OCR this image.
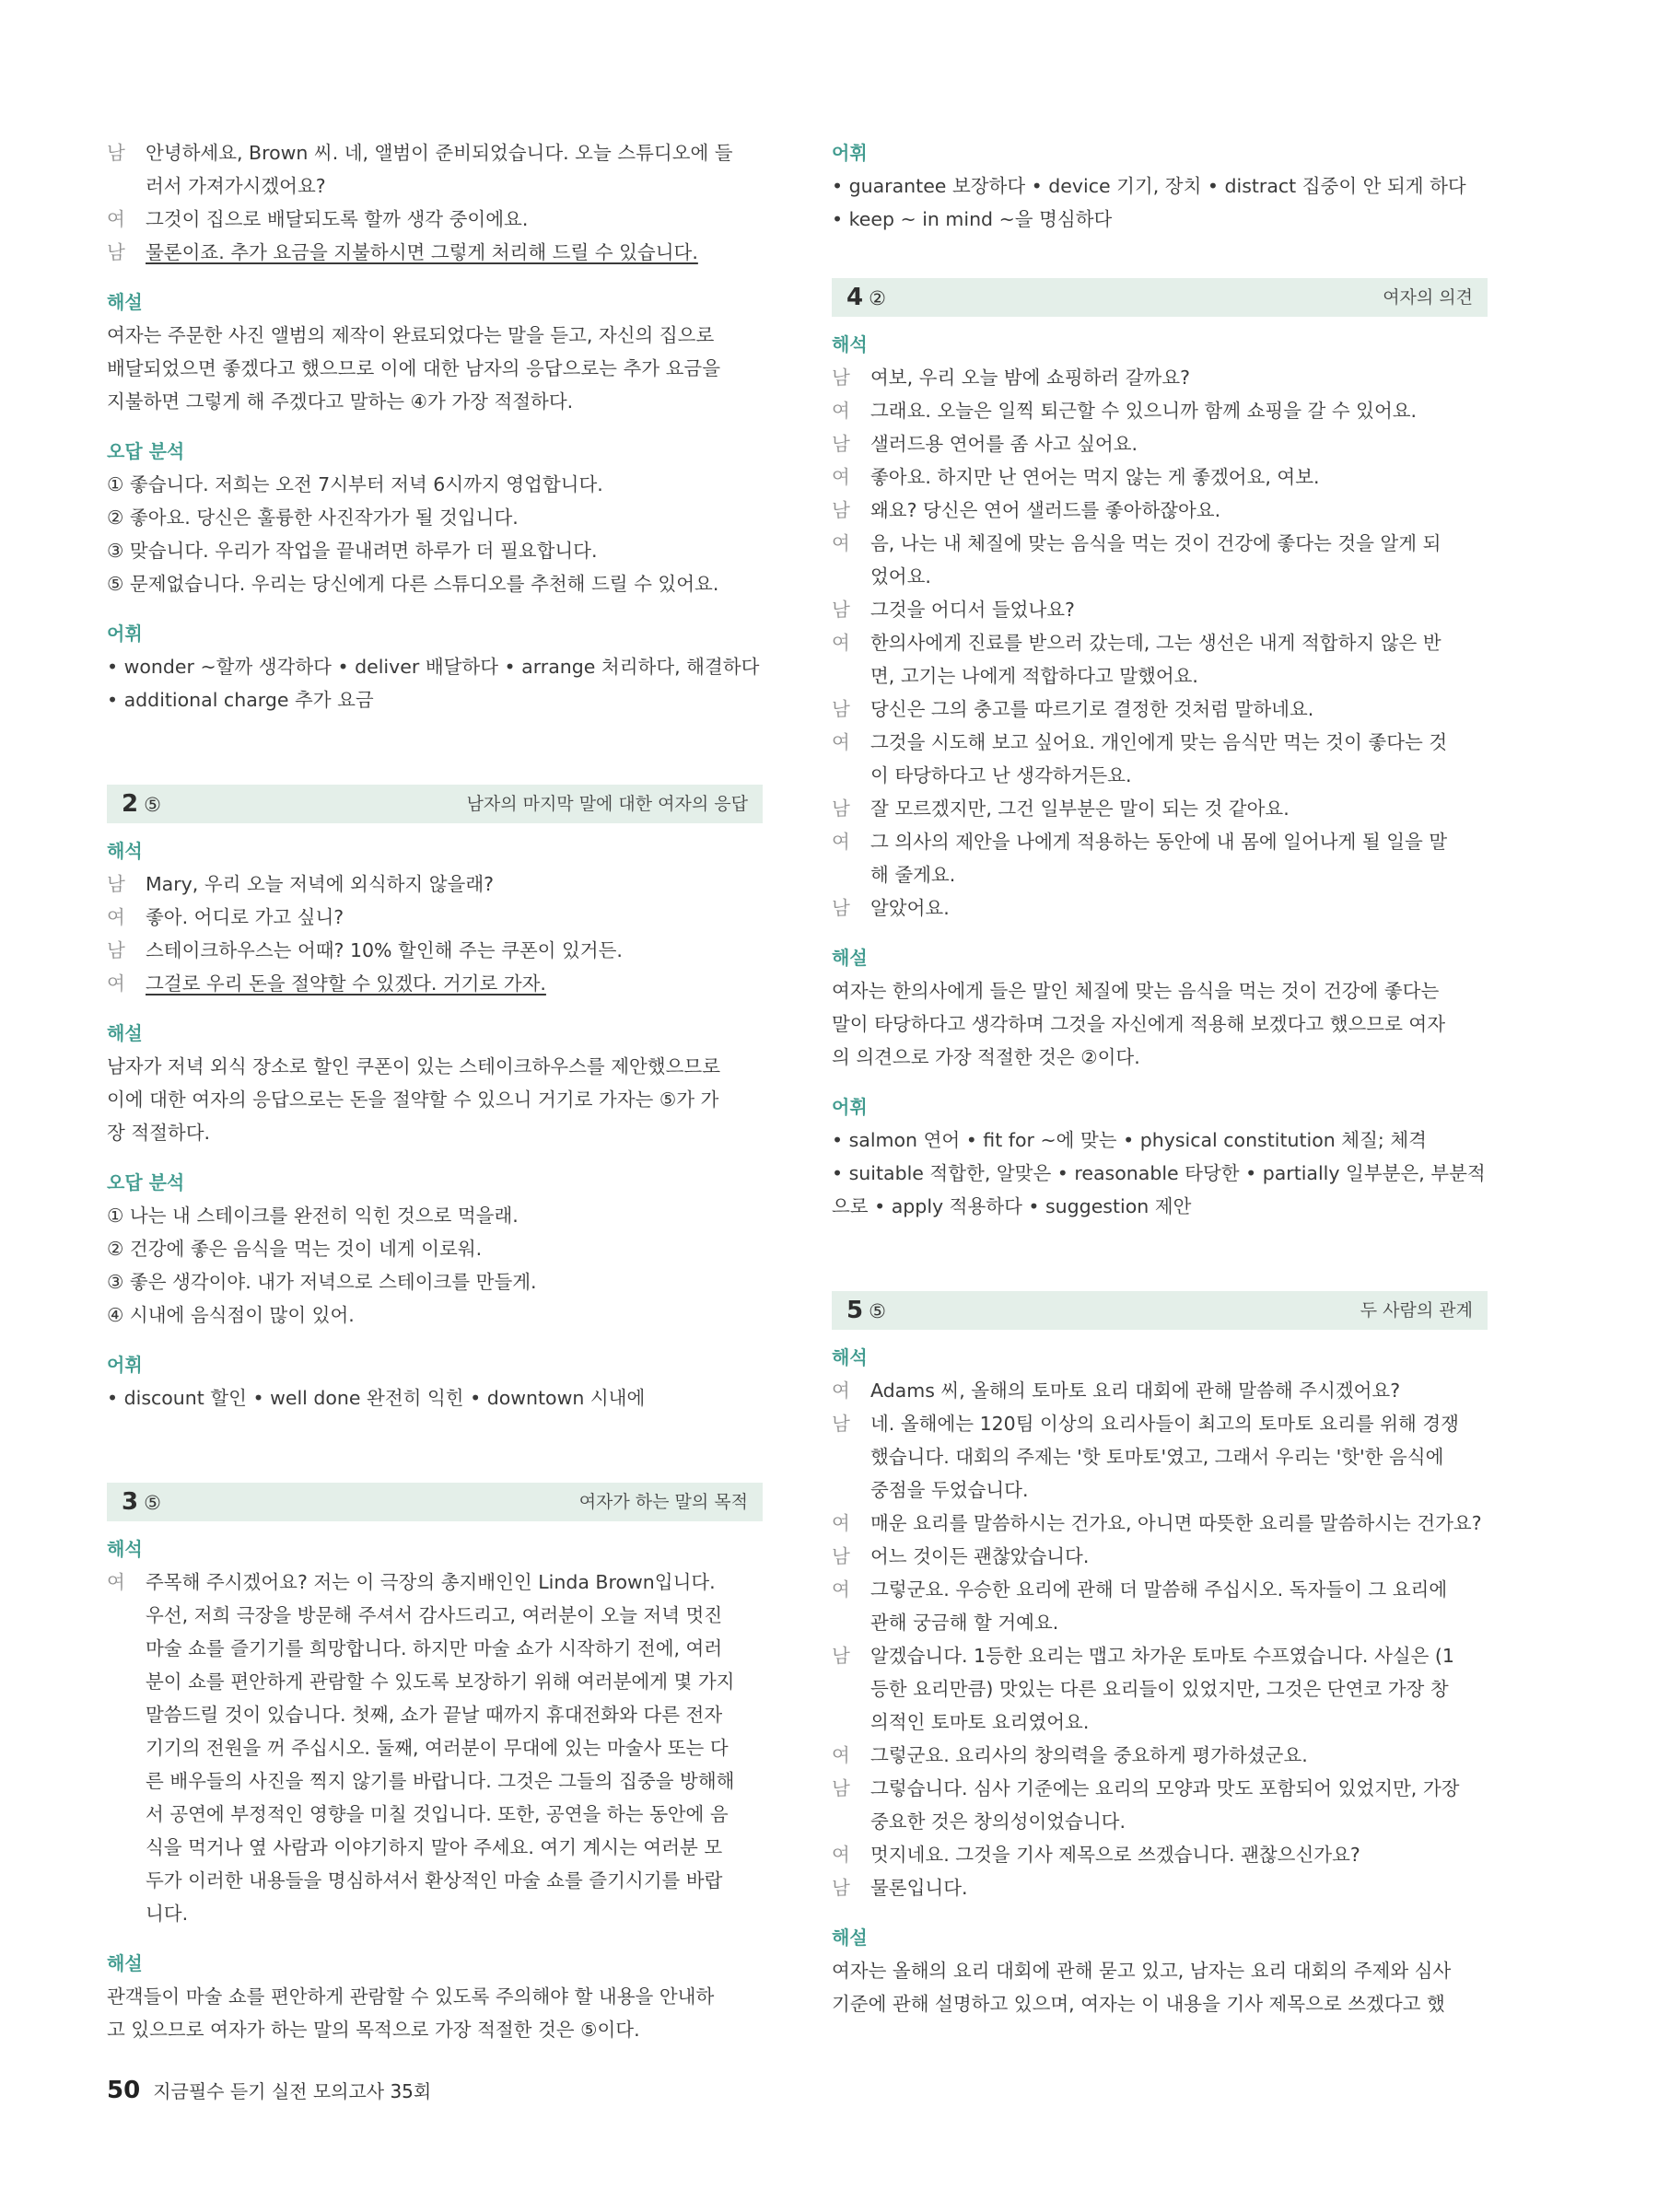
남 안녕하세요, Brown 씨. 네, 앨범이 준비되었습니다. 오늘 스튜디오에 들
러서 가져가시겠어요?
여 그것이 집으로 배달되도록 할까 생각 중이에요.
남 물론이죠. 추가 요금을 지불하시면 그렇게 처리해 드릴 수 있습니다.
해설
여자는 주문한 사진 앨범의 제작이 완료되었다는 말을 듣고, 자신의 집으로
배달되었으면 좋겠다고 했으므로 이에 대한 남자의 응답으로는 추가 요금을
지불하면 그렇게 해 주겠다고 말하는 ④가 가장 적절하다.
오답 분석
① 좋습니다. 저희는 오전 7시부터 저녁 6시까지 영업합니다.
② 좋아요. 당신은 훌륭한 사진작가가 될 것입니다.
③ 맞습니다. 우리가 작업을 끝내려면 하루가 더 필요합니다.
⑤ 문제없습니다. 우리는 당신에게 다른 스튜디오를 추천해 드릴 수 있어요.
어휘
• wonder ~할까 생각하다 • deliver 배달하다 • arrange 처리하다, 해결하다
• additional charge 추가 요금
2 ⑤	남자의 마지막 말에 대한 여자의 응답
해석
남 Mary, 우리 오늘 저녁에 외식하지 않을래?
여 좋아. 어디로 가고 싶니?
남 스테이크하우스는 어때? 10% 할인해 주는 쿠폰이 있거든.
여 그걸로 우리 돈을 절약할 수 있겠다. 거기로 가자.
해설
남자가 저녁 외식 장소로 할인 쿠폰이 있는 스테이크하우스를 제안했으므로
이에 대한 여자의 응답으로는 돈을 절약할 수 있으니 거기로 가자는 ⑤가 가
장 적절하다.
오답 분석
① 나는 내 스테이크를 완전히 익힌 것으로 먹을래.
② 건강에 좋은 음식을 먹는 것이 네게 이로워.
③ 좋은 생각이야. 내가 저녁으로 스테이크를 만들게.
④ 시내에 음식점이 많이 있어.
어휘
• discount 할인 • well done 완전히 익힌 • downtown 시내에
3 ⑤	여자가 하는 말의 목적
해석
여 주목해 주시겠어요? 저는 이 극장의 총지배인인 Linda Brown입니다.
우선, 저희 극장을 방문해 주셔서 감사드리고, 여러분이 오늘 저녁 멋진
마술 쇼를 즐기기를 희망합니다. 하지만 마술 쇼가 시작하기 전에, 여러
분이 쇼를 편안하게 관람할 수 있도록 보장하기 위해 여러분에게 몇 가지
말씀드릴 것이 있습니다. 첫째, 쇼가 끝날 때까지 휴대전화와 다른 전자
기기의 전원을 꺼 주십시오. 둘째, 여러분이 무대에 있는 마술사 또는 다
른 배우들의 사진을 찍지 않기를 바랍니다. 그것은 그들의 집중을 방해해
서 공연에 부정적인 영향을 미칠 것입니다. 또한, 공연을 하는 동안에 음
식을 먹거나 옆 사람과 이야기하지 말아 주세요. 여기 계시는 여러분 모
두가 이러한 내용들을 명심하셔서 환상적인 마술 쇼를 즐기시기를 바랍
니다.
해설
관객들이 마술 쇼를 편안하게 관람할 수 있도록 주의해야 할 내용을 안내하
고 있으므로 여자가 하는 말의 목적으로 가장 적절한 것은 ⑤이다.
어휘
• guarantee 보장하다 • device 기기, 장치 • distract 집중이 안 되게 하다
• keep ~ in mind ~을 명심하다
4 ②	여자의 의견
해석
남 여보, 우리 오늘 밤에 쇼핑하러 갈까요?
여 그래요. 오늘은 일찍 퇴근할 수 있으니까 함께 쇼핑을 갈 수 있어요.
남 샐러드용 연어를 좀 사고 싶어요.
여 좋아요. 하지만 난 연어는 먹지 않는 게 좋겠어요, 여보.
남 왜요? 당신은 연어 샐러드를 좋아하잖아요.
여 음, 나는 내 체질에 맞는 음식을 먹는 것이 건강에 좋다는 것을 알게 되
었어요.
남 그것을 어디서 들었나요?
여 한의사에게 진료를 받으러 갔는데, 그는 생선은 내게 적합하지 않은 반
면, 고기는 나에게 적합하다고 말했어요.
남 당신은 그의 충고를 따르기로 결정한 것처럼 말하네요.
여 그것을 시도해 보고 싶어요. 개인에게 맞는 음식만 먹는 것이 좋다는 것
이 타당하다고 난 생각하거든요.
남 잘 모르겠지만, 그건 일부분은 말이 되는 것 같아요.
여 그 의사의 제안을 나에게 적용하는 동안에 내 몸에 일어나게 될 일을 말
해 줄게요.
남 알았어요.
해설
여자는 한의사에게 들은 말인 체질에 맞는 음식을 먹는 것이 건강에 좋다는
말이 타당하다고 생각하며 그것을 자신에게 적용해 보겠다고 했으므로 여자
의 의견으로 가장 적절한 것은 ②이다.
어휘
• salmon 연어 • fit for ~에 맞는 • physical constitution 체질; 체격
• suitable 적합한, 알맞은 • reasonable 타당한 • partially 일부분은, 부분적
으로 • apply 적용하다 • suggestion 제안
5 ⑤	두 사람의 관계
해석
여 Adams 씨, 올해의 토마토 요리 대회에 관해 말씀해 주시겠어요?
남 네. 올해에는 120팀 이상의 요리사들이 최고의 토마토 요리를 위해 경쟁
했습니다. 대회의 주제는 '핫 토마토'였고, 그래서 우리는 '핫'한 음식에
중점을 두었습니다.
여 매운 요리를 말씀하시는 건가요, 아니면 따뜻한 요리를 말씀하시는 건가요?
남 어느 것이든 괜찮았습니다.
여 그렇군요. 우승한 요리에 관해 더 말씀해 주십시오. 독자들이 그 요리에
관해 궁금해 할 거예요.
남 알겠습니다. 1등한 요리는 맵고 차가운 토마토 수프였습니다. 사실은 (1
등한 요리만큼) 맛있는 다른 요리들이 있었지만, 그것은 단연코 가장 창
의적인 토마토 요리였어요.
여 그렇군요. 요리사의 창의력을 중요하게 평가하셨군요.
남 그렇습니다. 심사 기준에는 요리의 모양과 맛도 포함되어 있었지만, 가장
중요한 것은 창의성이었습니다.
여 멋지네요. 그것을 기사 제목으로 쓰겠습니다. 괜찮으신가요?
남 물론입니다.
해설
여자는 올해의 요리 대회에 관해 묻고 있고, 남자는 요리 대회의 주제와 심사
기준에 관해 설명하고 있으며, 여자는 이 내용을 기사 제목으로 쓰겠다고 했
50 지금필수 듣기 실전 모의고사 35회
